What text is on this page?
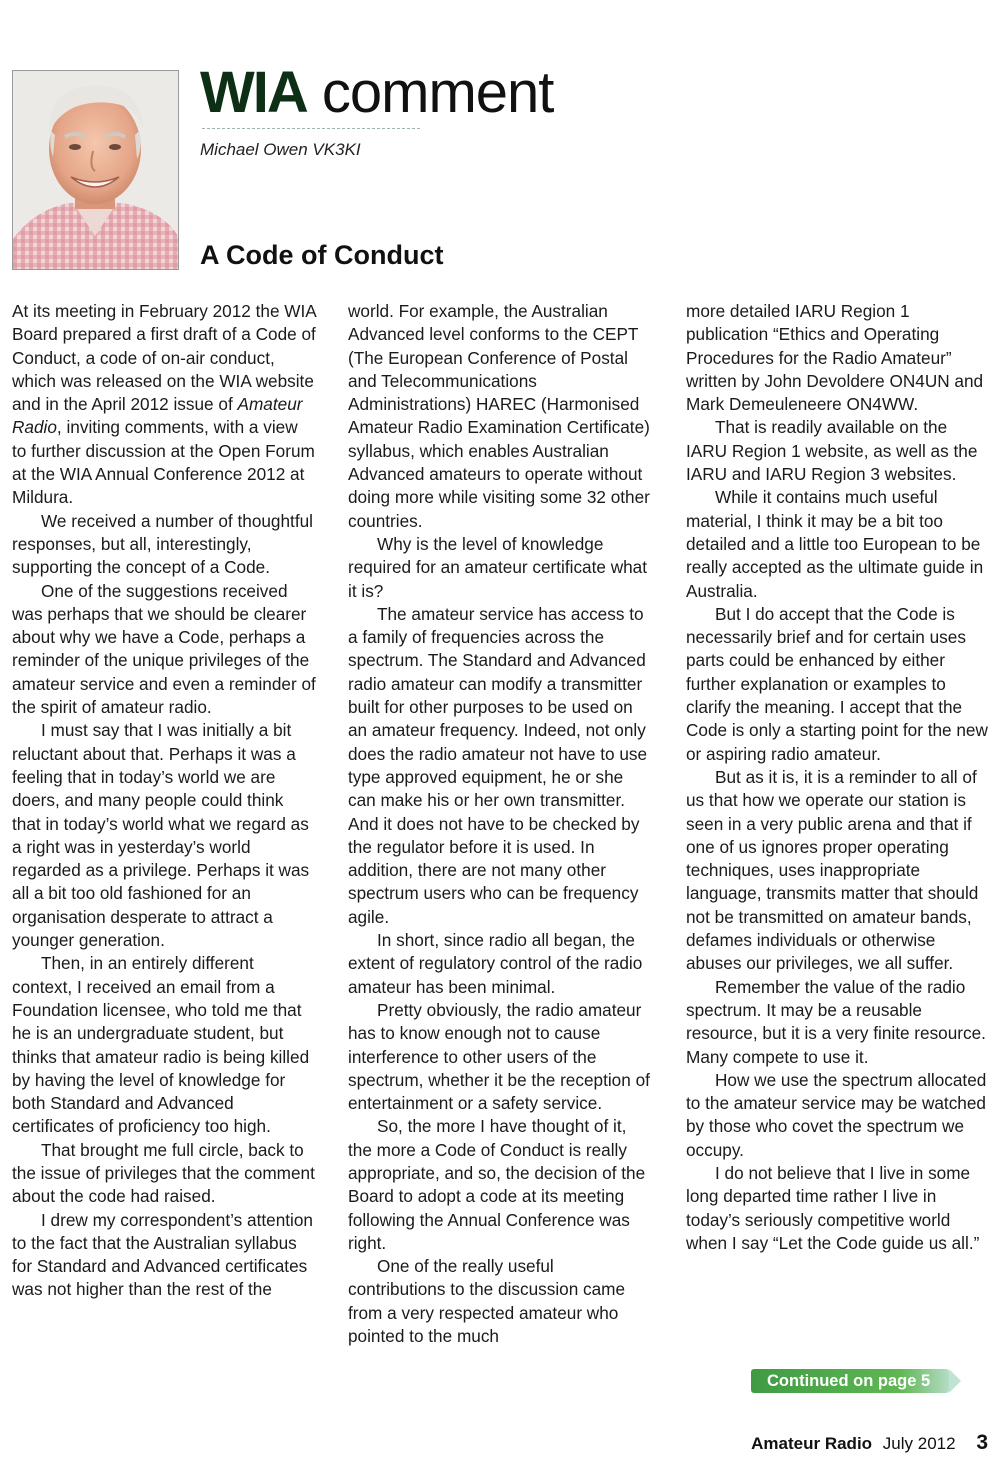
WIA comment
Michael Owen VK3KI
A Code of Conduct

At its meeting in February 2012 the WIA Board prepared a first draft of a Code of Conduct, a code of on-air conduct, which was released on the WIA website and in the April 2012 issue of Amateur Radio, inviting comments, with a view to further discussion at the Open Forum at the WIA Annual Conference 2012 at Mildura.

We received a number of thoughtful responses, but all, interestingly, supporting the concept of a Code.

One of the suggestions received was perhaps that we should be clearer about why we have a Code, perhaps a reminder of the unique privileges of the amateur service and even a reminder of the spirit of amateur radio.

I must say that I was initially a bit reluctant about that. Perhaps it was a feeling that in today’s world we are doers, and many people could think that in today’s world what we regard as a right was in yesterday’s world regarded as a privilege. Perhaps it was all a bit too old fashioned for an organisation desperate to attract a younger generation.

Then, in an entirely different context, I received an email from a Foundation licensee, who told me that he is an undergraduate student, but thinks that amateur radio is being killed by having the level of knowledge for both Standard and Advanced certificates of proficiency too high.

That brought me full circle, back to the issue of privileges that the comment about the code had raised.

I drew my correspondent’s attention to the fact that the Australian syllabus for Standard and Advanced certificates was not higher than the rest of the

world. For example, the Australian Advanced level conforms to the CEPT (The European Conference of Postal and Telecommunications Administrations) HAREC (Harmonised Amateur Radio Examination Certificate) syllabus, which enables Australian Advanced amateurs to operate without doing more while visiting some 32 other countries.

Why is the level of knowledge required for an amateur certificate what it is?

The amateur service has access to a family of frequencies across the spectrum. The Standard and Advanced radio amateur can modify a transmitter built for other purposes to be used on an amateur frequency. Indeed, not only does the radio amateur not have to use type approved equipment, he or she can make his or her own transmitter. And it does not have to be checked by the regulator before it is used. In addition, there are not many other spectrum users who can be frequency agile.

In short, since radio all began, the extent of regulatory control of the radio amateur has been minimal.

Pretty obviously, the radio amateur has to know enough not to cause interference to other users of the spectrum, whether it be the reception of entertainment or a safety service.

So, the more I have thought of it, the more a Code of Conduct is really appropriate, and so, the decision of the Board to adopt a code at its meeting following the Annual Conference was right.

One of the really useful contributions to the discussion came from a very respected amateur who pointed to the much

more detailed IARU Region 1 publication “Ethics and Operating Procedures for the Radio Amateur” written by John Devoldere ON4UN and Mark Demeuleneere ON4WW.

That is readily available on the IARU Region 1 website, as well as the IARU and IARU Region 3 websites.

While it contains much useful material, I think it may be a bit too detailed and a little too European to be really accepted as the ultimate guide in Australia.

But I do accept that the Code is necessarily brief and for certain uses parts could be enhanced by either further explanation or examples to clarify the meaning. I accept that the Code is only a starting point for the new or aspiring radio amateur.

But as it is, it is a reminder to all of us that how we operate our station is seen in a very public arena and that if one of us ignores proper operating techniques, uses inappropriate language, transmits matter that should not be transmitted on amateur bands, defames individuals or otherwise abuses our privileges, we all suffer.

Remember the value of the radio spectrum. It may be a reusable resource, but it is a very finite resource. Many compete to use it.

How we use the spectrum allocated to the amateur service may be watched by those who covet the spectrum we occupy.

I do not believe that I live in some long departed time rather I live in today’s seriously competitive world when I say “Let the Code guide us all.”

Continued on page 5
Amateur Radio July 2012 3
